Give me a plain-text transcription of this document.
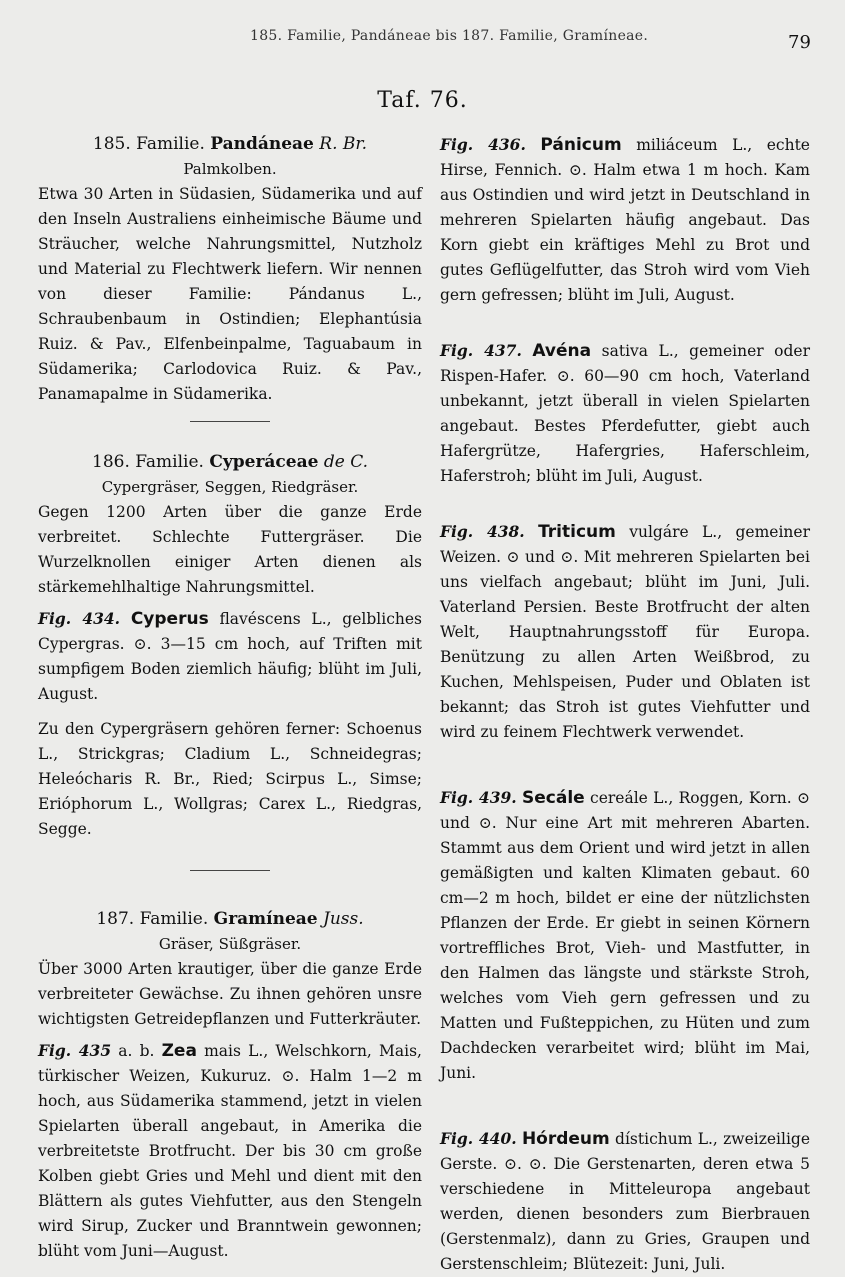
185. Familie, Pandáneae bis 187. Familie, Gramíneae.	79
Taf. 76.

185. Familie. Pandáneae R. Br.

Palmkolben.

Etwa 30 Arten in Südasien, Südamerika und auf den Inseln Australiens einheimische Bäume und Sträucher, welche Nahrungsmittel, Nutzholz und Material zu Flechtwerk liefern. Wir nennen von dieser Familie: Pándanus L., Schraubenbaum in Ostindien; Elephantúsia Ruiz. & Pav., Elfenbeinpalme, Taguabaum in Südamerika; Carlodovica Ruiz. & Pav., Panamapalme in Südamerika.

186. Familie. Cyperáceae de C.

Cypergräser, Seggen, Riedgräser.

Gegen 1200 Arten über die ganze Erde verbreitet. Schlechte Futtergräser. Die Wurzelknollen einiger Arten dienen als stärkemehlhaltige Nahrungsmittel.

Fig. 434. Cyperus flavéscens L., gelbliches Cypergras. ⊙. 3—15 cm hoch, auf Triften mit sumpfigem Boden ziemlich häufig; blüht im Juli, August.

Zu den Cypergräsern gehören ferner: Schoenus L., Strickgras; Cladium L., Schneidegras; Heleócharis R. Br., Ried; Scirpus L., Simse; Erióphorum L., Wollgras; Carex L., Riedgras, Segge.

187. Familie. Gramíneae Juss.

Gräser, Süßgräser.

Über 3000 Arten krautiger, über die ganze Erde verbreiteter Gewächse. Zu ihnen gehören unsre wichtigsten Getreidepflanzen und Futterkräuter.

Fig. 435 a. b. Zea mais L., Welschkorn, Mais, türkischer Weizen, Kukuruz. ⊙. Halm 1—2 m hoch, aus Südamerika stammend, jetzt in vielen Spielarten überall angebaut, in Amerika die verbreitetste Brotfrucht. Der bis 30 cm große Kolben giebt Gries und Mehl und dient mit den Blättern als gutes Viehfutter, aus den Stengeln wird Sirup, Zucker und Branntwein gewonnen; blüht vom Juni—August.

Fig. 436. Pánicum miliáceum L., echte Hirse, Fennich. ⊙. Halm etwa 1 m hoch. Kam aus Ostindien und wird jetzt in Deutschland in mehreren Spielarten häufig angebaut. Das Korn giebt ein kräftiges Mehl zu Brot und gutes Geflügelfutter, das Stroh wird vom Vieh gern gefressen; blüht im Juli, August.

Fig. 437. Avéna sativa L., gemeiner oder Rispen-Hafer. ⊙. 60—90 cm hoch, Vaterland unbekannt, jetzt überall in vielen Spielarten angebaut. Bestes Pferdefutter, giebt auch Hafergrütze, Hafergries, Haferschleim, Haferstroh; blüht im Juli, August.

Fig. 438. Triticum vulgáre L., gemeiner Weizen. ⊙ und ⊙. Mit mehreren Spielarten bei uns vielfach angebaut; blüht im Juni, Juli. Vaterland Persien. Beste Brotfrucht der alten Welt, Hauptnahrungsstoff für Europa. Benützung zu allen Arten Weißbrod, zu Kuchen, Mehlspeisen, Puder und Oblaten ist bekannt; das Stroh ist gutes Viehfutter und wird zu feinem Flechtwerk verwendet.

Fig. 439. Secále cereále L., Roggen, Korn. ⊙ und ⊙. Nur eine Art mit mehreren Abarten. Stammt aus dem Orient und wird jetzt in allen gemäßigten und kalten Klimaten gebaut. 60 cm—2 m hoch, bildet er eine der nützlichsten Pflanzen der Erde. Er giebt in seinen Körnern vortreffliches Brot, Vieh- und Mastfutter, in den Halmen das längste und stärkste Stroh, welches vom Vieh gern gefressen und zu Matten und Fußteppichen, zu Hüten und zum Dachdecken verarbeitet wird; blüht im Mai, Juni.

Fig. 440. Hórdeum dístichum L., zweizeilige Gerste. ⊙. ⊙. Die Gerstenarten, deren etwa 5 verschiedene in Mitteleuropa angebaut werden, dienen besonders zum Bierbrauen (Gerstenmalz), dann zu Gries, Graupen und Gerstenschleim; Blütezeit: Juni, Juli.
